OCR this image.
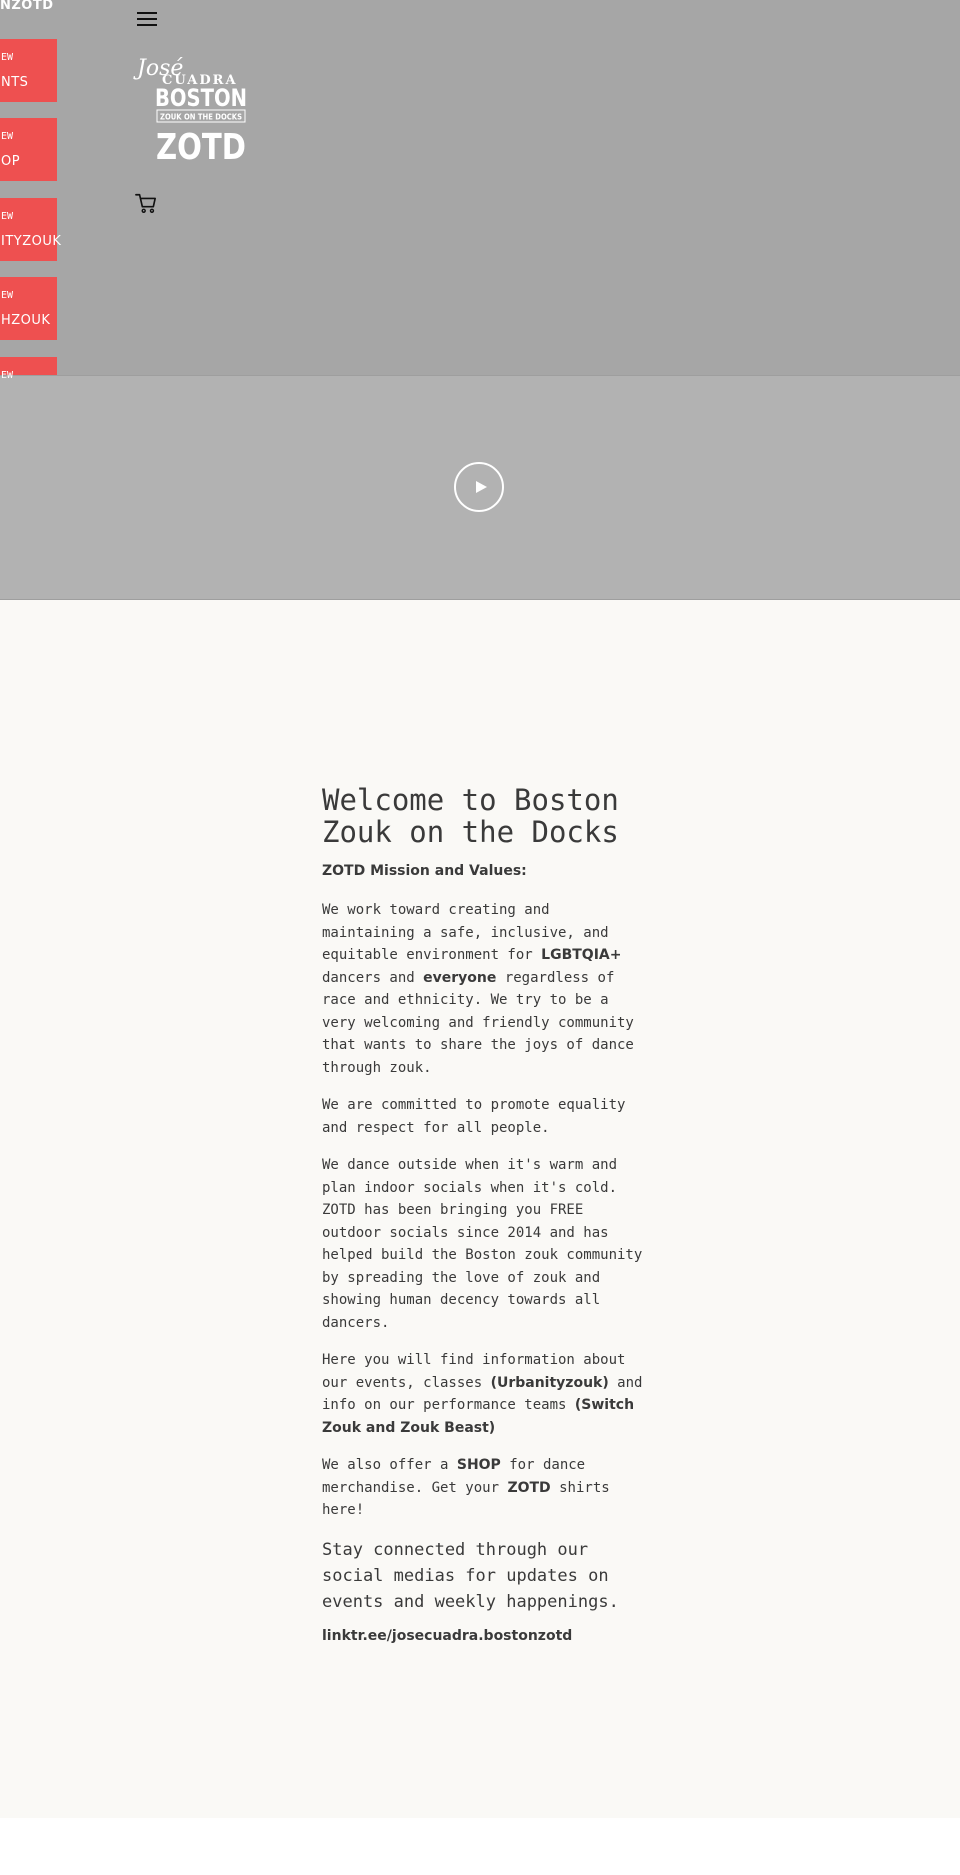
NZOTD

EW
NTS
EW
OP
EW
ITYZOUK
EW
HZOUK
EW
José
CUADRA
BOSTON
ZOUK ON THE DOCKS
ZOTD
Welcome to Boston Zouk on the Docks

ZOTD Mission and Values:

We work toward creating and
maintaining a safe, inclusive, and
equitable environment for LGBTQIA+
dancers and everyone regardless of
race and ethnicity. We try to be a
very welcoming and friendly community
that wants to share the joys of dance
through zouk.

We are committed to promote equality
and respect for all people.

We dance outside when it's warm and
plan indoor socials when it's cold.
ZOTD has been bringing you FREE
outdoor socials since 2014 and has
helped build the Boston zouk community
by spreading the love of zouk and
showing human decency towards all
dancers.

Here you will find information about
our events, classes (Urbanityzouk) and
info on our performance teams (Switch
Zouk and Zouk Beast)

We also offer a SHOP for dance
merchandise. Get your ZOTD shirts
here!

Stay connected through our
social medias for updates on
events and weekly happenings.

linktr.ee/josecuadra.bostonzotd
